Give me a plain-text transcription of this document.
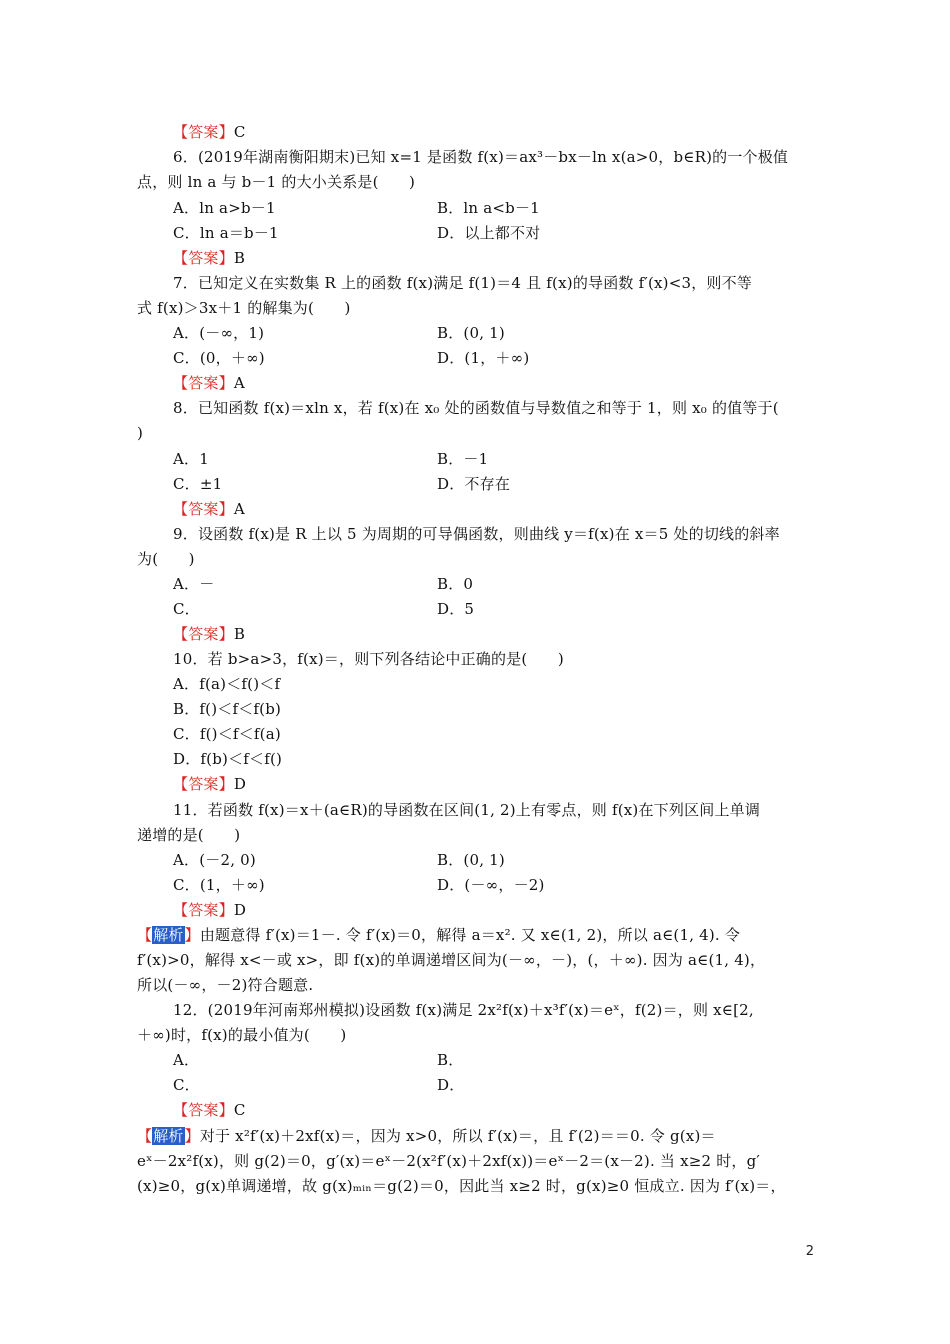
【答案】C
6．(2019年湖南衡阳期末)已知 x=1 是函数 f(x)＝ax³－bx－ln x(a>0，b∈R)的一个极值
点，则 ln a 与 b－1 的大小关系是(　　)
A．ln a>b－1	B．ln a<b－1
C．ln a＝b－1	D．以上都不对
【答案】B
7．已知定义在实数集 R 上的函数 f(x)满足 f(1)＝4 且 f(x)的导函数 f′(x)<3，则不等
式 f(x)＞3x＋1 的解集为(　　)
A．(－∞，1)	B．(0, 1)
C．(0，＋∞)	D．(1，＋∞)
【答案】A
8．已知函数 f(x)＝xln x，若 f(x)在 x₀ 处的函数值与导数值之和等于 1，则 x₀ 的值等于(
)
A．1	B．－1
C．±1	D．不存在
【答案】A
9．设函数 f(x)是 R 上以 5 为周期的可导偶函数，则曲线 y＝f(x)在 x＝5 处的切线的斜率
为(　　)
A．－	B．0
C．	D．5
【答案】B
10．若 b>a>3，f(x)＝，则下列各结论中正确的是(　　)
A．f(a)＜f()＜f
B．f()＜f＜f(b)
C．f()＜f＜f(a)
D．f(b)＜f＜f()
【答案】D
11．若函数 f(x)＝x＋(a∈R)的导函数在区间(1, 2)上有零点，则 f(x)在下列区间上单调
递增的是(　　)
A．(－2, 0)	B．(0, 1)
C．(1，＋∞)	D．(－∞，－2)
【答案】D
【解析】由题意得 f′(x)＝1－. 令 f′(x)＝0，解得 a＝x². 又 x∈(1, 2)，所以 a∈(1, 4). 令
f′(x)>0，解得 x<－或 x>，即 f(x)的单调递增区间为(－∞，－)，(，＋∞). 因为 a∈(1, 4)，
所以(－∞，－2)符合题意.
12．(2019年河南郑州模拟)设函数 f(x)满足 2x²f(x)＋x³f′(x)＝eˣ，f(2)＝，则 x∈[2,
＋∞)时，f(x)的最小值为(　　)
A．	B．
C．	D．
【答案】C
【解析】对于 x²f′(x)＋2xf(x)＝，因为 x>0，所以 f′(x)＝，且 f′(2)＝＝0. 令 g(x)＝
eˣ－2x²f(x)，则 g(2)＝0，g′(x)＝eˣ－2(x²f′(x)＋2xf(x))＝eˣ－2＝(x－2). 当 x≥2 时，g′
(x)≥0，g(x)单调递增，故 g(x)ₘᵢₙ＝g(2)＝0，因此当 x≥2 时，g(x)≥0 恒成立. 因为 f′(x)＝，
2
